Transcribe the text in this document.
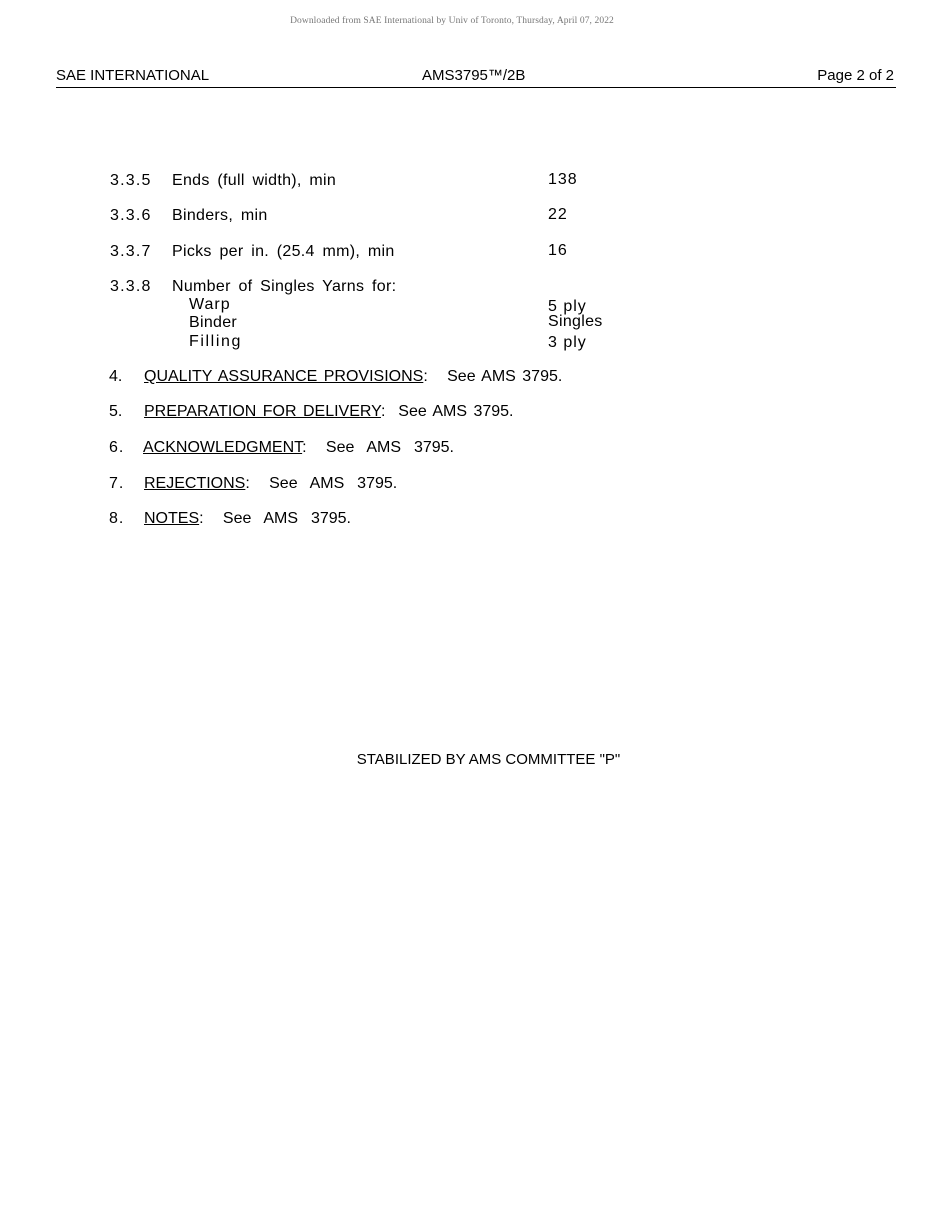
Downloaded from SAE International by Univ of Toronto, Thursday, April 07, 2022
SAE INTERNATIONAL	AMS3795™/2B	Page 2 of 2
3.3.5 Ends (full width), min	138
3.3.6 Binders, min	22
3.3.7 Picks per in. (25.4 mm), min	16
3.3.8 Number of Singles Yarns for:
Warp	5 ply
Binder	Singles
Filling	3 ply
4. QUALITY ASSURANCE PROVISIONS:   See AMS 3795.
5. PREPARATION FOR DELIVERY:  See AMS 3795.
6. ACKNOWLEDGMENT:   See  AMS  3795.
7. REJECTIONS:   See  AMS  3795.
8. NOTES:   See  AMS  3795.
STABILIZED BY AMS COMMITTEE "P"
